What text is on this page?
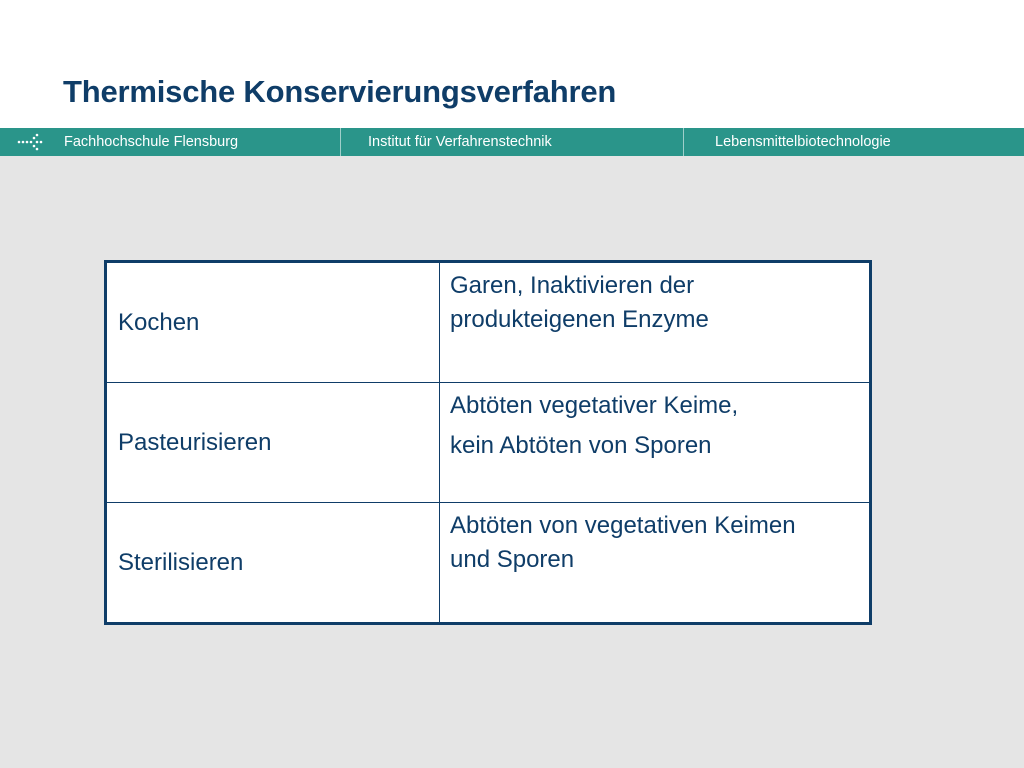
Thermische Konservierungsverfahren
Fachhochschule Flensburg	Institut für Verfahrenstechnik	Lebensmittelbiotechnologie
Kochen	Garen, Inaktivieren der
produkteigenen Enzyme

Pasteurisieren	Abtöten vegetativer Keime,
kein Abtöten von Sporen

Sterilisieren	Abtöten von vegetativen Keimen
und Sporen
